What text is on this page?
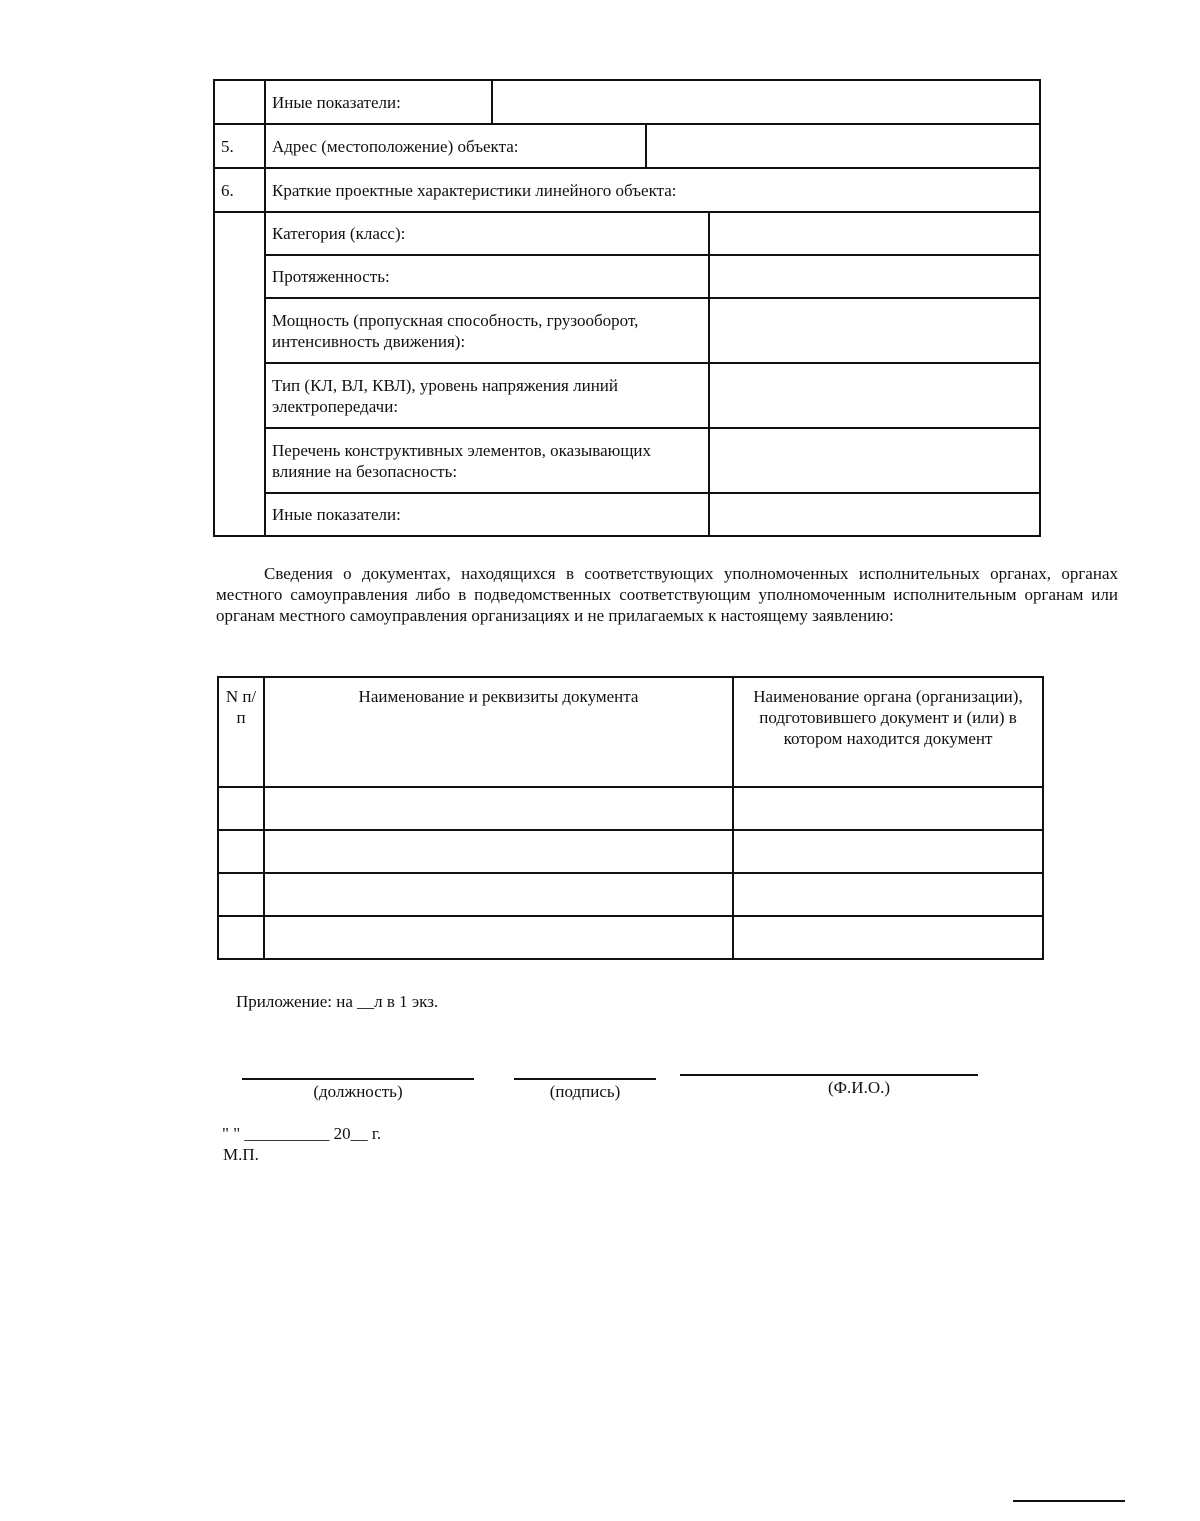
	Иные показатели:			
5.	Адрес (местоположение) объекта:			
6.	Краткие проектные характеристики линейного объекта:			
	Категория (класс):			
	Протяженность:			
	Мощность (пропускная способность, грузооборот, интенсивность движения):			
	Тип (КЛ, ВЛ, КВЛ), уровень напряжения линий электропередачи:			
	Перечень конструктивных элементов, оказывающих влияние на безопасность:			
	Иные показатели:			
Сведения о документах, находящихся в соответствующих уполномоченных исполнительных органах, органах местного самоуправления либо в подведомственных соответствующим уполномоченным исполнительным органам или органам местного самоуправления организациях и не прилагаемых к настоящему заявлению:
N п/п	Наименование и реквизиты документа	Наименование органа (организации), подготовившего документ и (или) в котором находится документ

Приложение: на __л в 1 экз.
(должность)	(подпись)	(Ф.И.О.)
" " __________ 20__ г.
М.П.
